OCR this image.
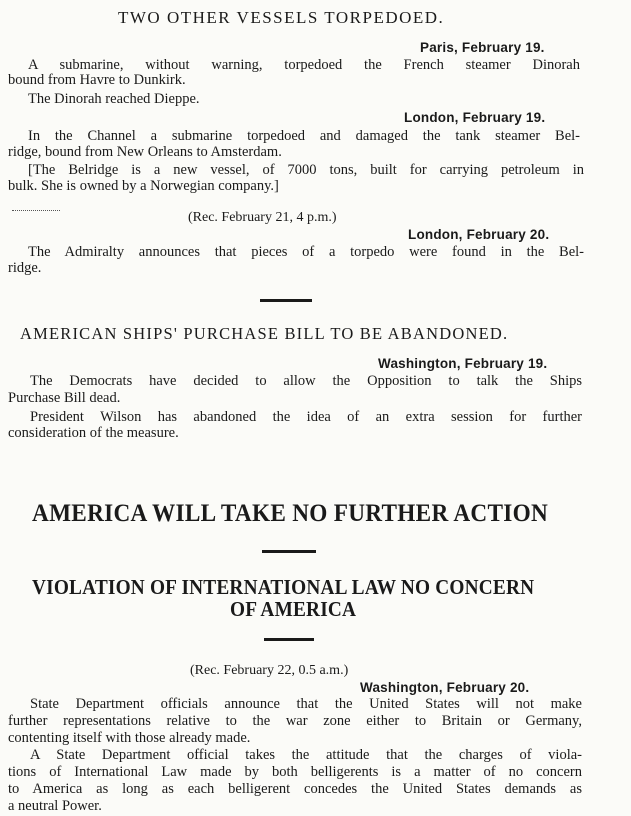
TWO OTHER VESSELS TORPEDOED.
Paris, February 19.
A submarine, without warning, torpedoed the French steamer Dinorah
bound from Havre to Dunkirk.
The Dinorah reached Dieppe.
London, February 19.
In the Channel a submarine torpedoed and damaged the tank steamer Bel-
ridge, bound from New Orleans to Amsterdam.
[The Belridge is a new vessel, of 7000 tons, built for carrying petroleum in
bulk. She is owned by a Norwegian company.]
(Rec. February 21, 4 p.m.)
London, February 20.
The Admiralty announces that pieces of a torpedo were found in the Bel-
ridge.
AMERICAN SHIPS' PURCHASE BILL TO BE ABANDONED.
Washington, February 19.
The Democrats have decided to allow the Opposition to talk the Ships
Purchase Bill dead.
President Wilson has abandoned the idea of an extra session for further
consideration of the measure.
AMERICA WILL TAKE NO FURTHER ACTION
VIOLATION OF INTERNATIONAL LAW NO CONCERN
OF AMERICA
(Rec. February 22, 0.5 a.m.)
Washington, February 20.
State Department officials announce that the United States will not make
further representations relative to the war zone either to Britain or Germany,
contenting itself with those already made.
A State Department official takes the attitude that the charges of viola-
tions of International Law made by both belligerents is a matter of no concern
to America as long as each belligerent concedes the United States demands as
a neutral Power.
